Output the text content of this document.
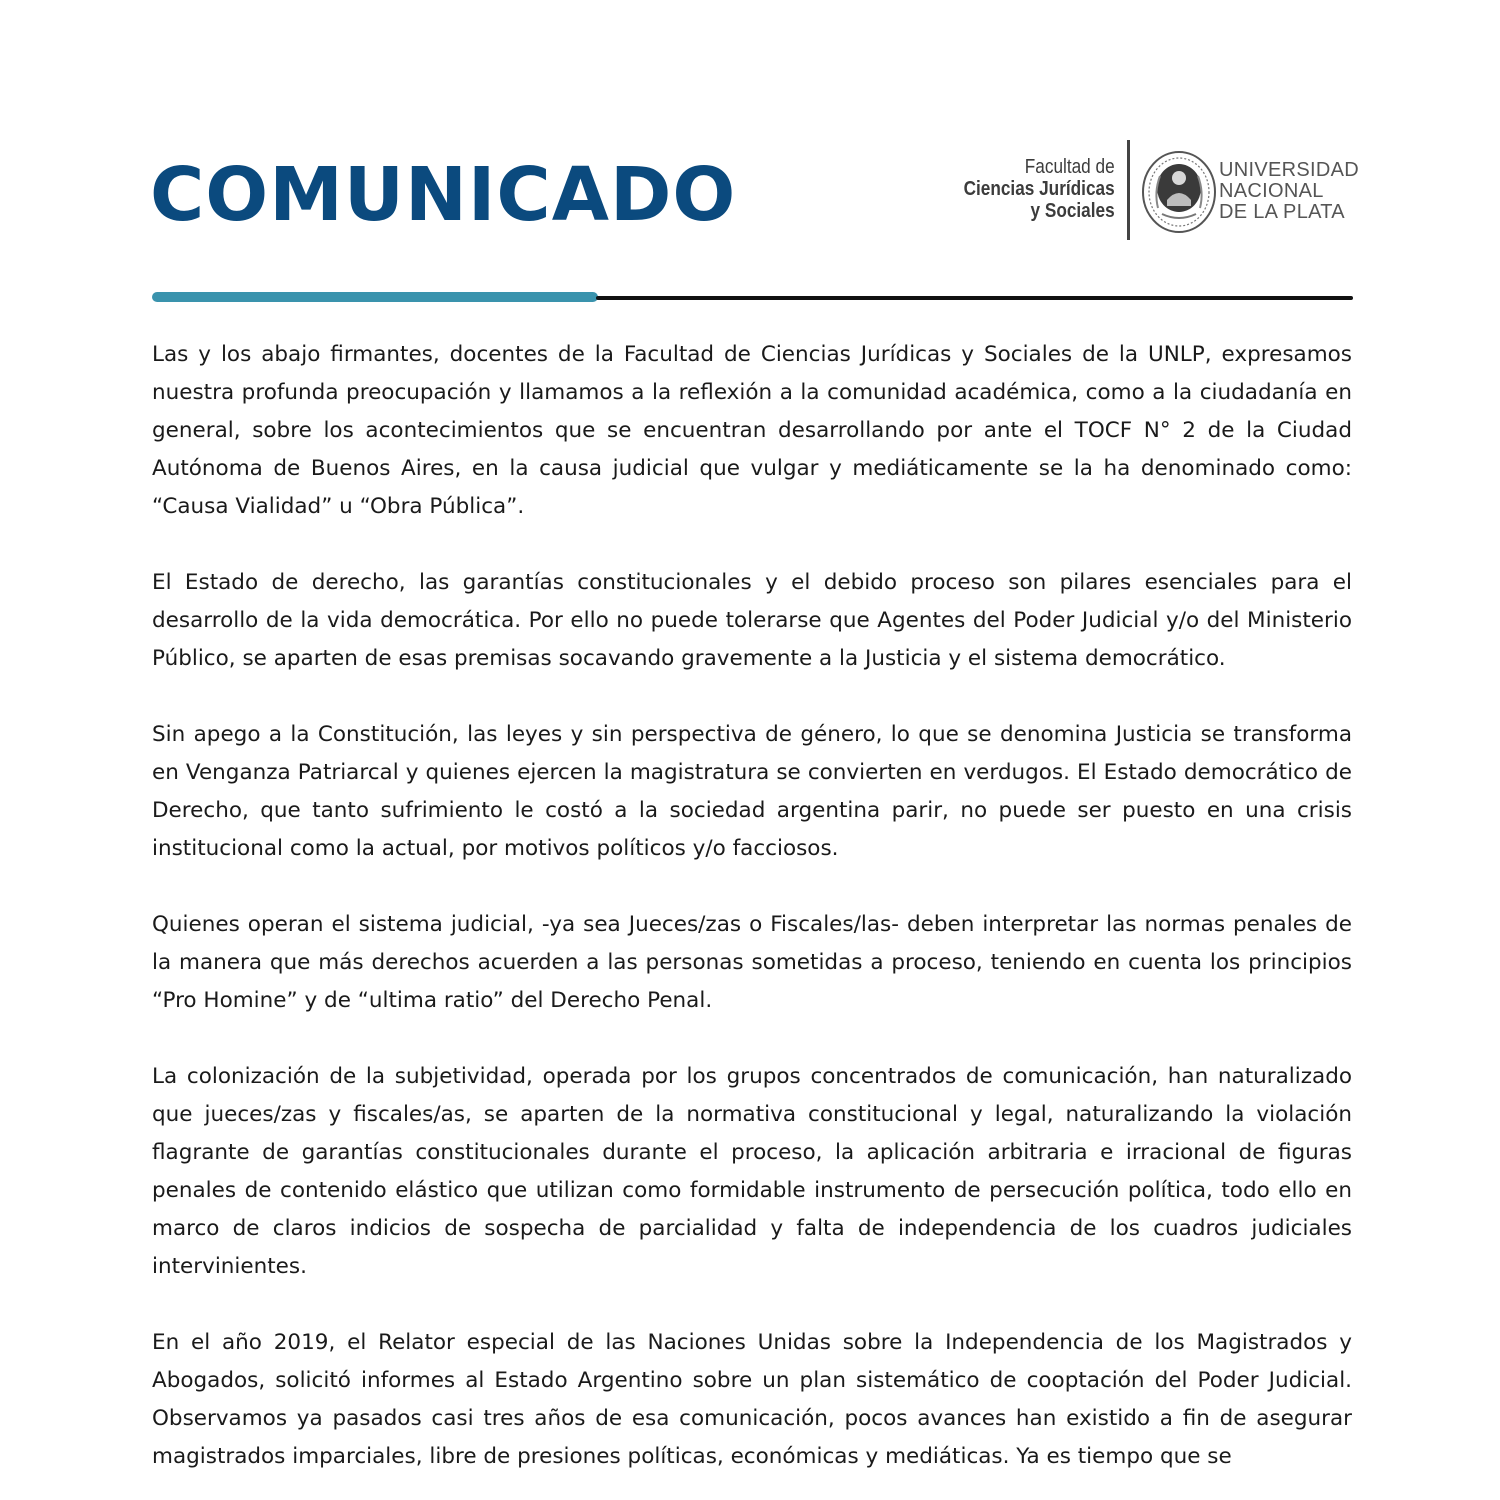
COMUNICADO	Facultad de
Ciencias Jurídicas
y Sociales
UNIVERSIDAD
NACIONAL
DE LA PLATA

Las y los abajo firmantes, docentes de la Facultad de Ciencias Jurídicas y Sociales de la UNLP, expresamos nuestra profunda preocupación y llamamos a la reflexión a la comunidad académica, como a la ciudadanía en general, sobre los acontecimientos que se encuentran desarrollando por ante el TOCF N° 2 de la Ciudad Autónoma de Buenos Aires, en la causa judicial que vulgar y mediáticamente se la ha denominado como: “Causa Vialidad” u “Obra Pública”.

El Estado de derecho, las garantías constitucionales y el debido proceso son pilares esenciales para el desarrollo de la vida democrática. Por ello no puede tolerarse que Agentes del Poder Judicial y/o del Ministerio Público, se aparten de esas premisas socavando gravemente a la Justicia y el sistema democrático.

Sin apego a la Constitución, las leyes y sin perspectiva de género, lo que se denomina Justicia se transforma en Venganza Patriarcal y quienes ejercen la magistratura se convierten en verdugos. El Estado democrático de Derecho, que tanto sufrimiento le costó a la sociedad argentina parir, no puede ser puesto en una crisis institucional como la actual, por motivos políticos y/o facciosos.

Quienes operan el sistema judicial, -ya sea Jueces/zas o Fiscales/las- deben interpretar las normas penales de la manera que más derechos acuerden a las personas sometidas a proceso, teniendo en cuenta los principios “Pro Homine” y de “ultima ratio” del Derecho Penal.

La colonización de la subjetividad, operada por los grupos concentrados de comunicación, han naturalizado que jueces/zas y fiscales/as, se aparten de la normativa constitucional y legal, naturalizando la violación flagrante de garantías constitucionales durante el proceso, la aplicación arbitraria e irracional de figuras penales de contenido elástico que utilizan como formidable instrumento de persecución política, todo ello en marco de claros indicios de sospecha de parcialidad y falta de independencia de los cuadros judiciales intervinientes.

En el año 2019, el Relator especial de las Naciones Unidas sobre la Independencia de los Magistrados y Abogados, solicitó informes al Estado Argentino sobre un plan sistemático de cooptación del Poder Judicial. Observamos ya pasados casi tres años de esa comunicación, pocos avances han existido a fin de asegurar magistrados imparciales, libre de presiones políticas, económicas y mediáticas. Ya es tiempo que se
